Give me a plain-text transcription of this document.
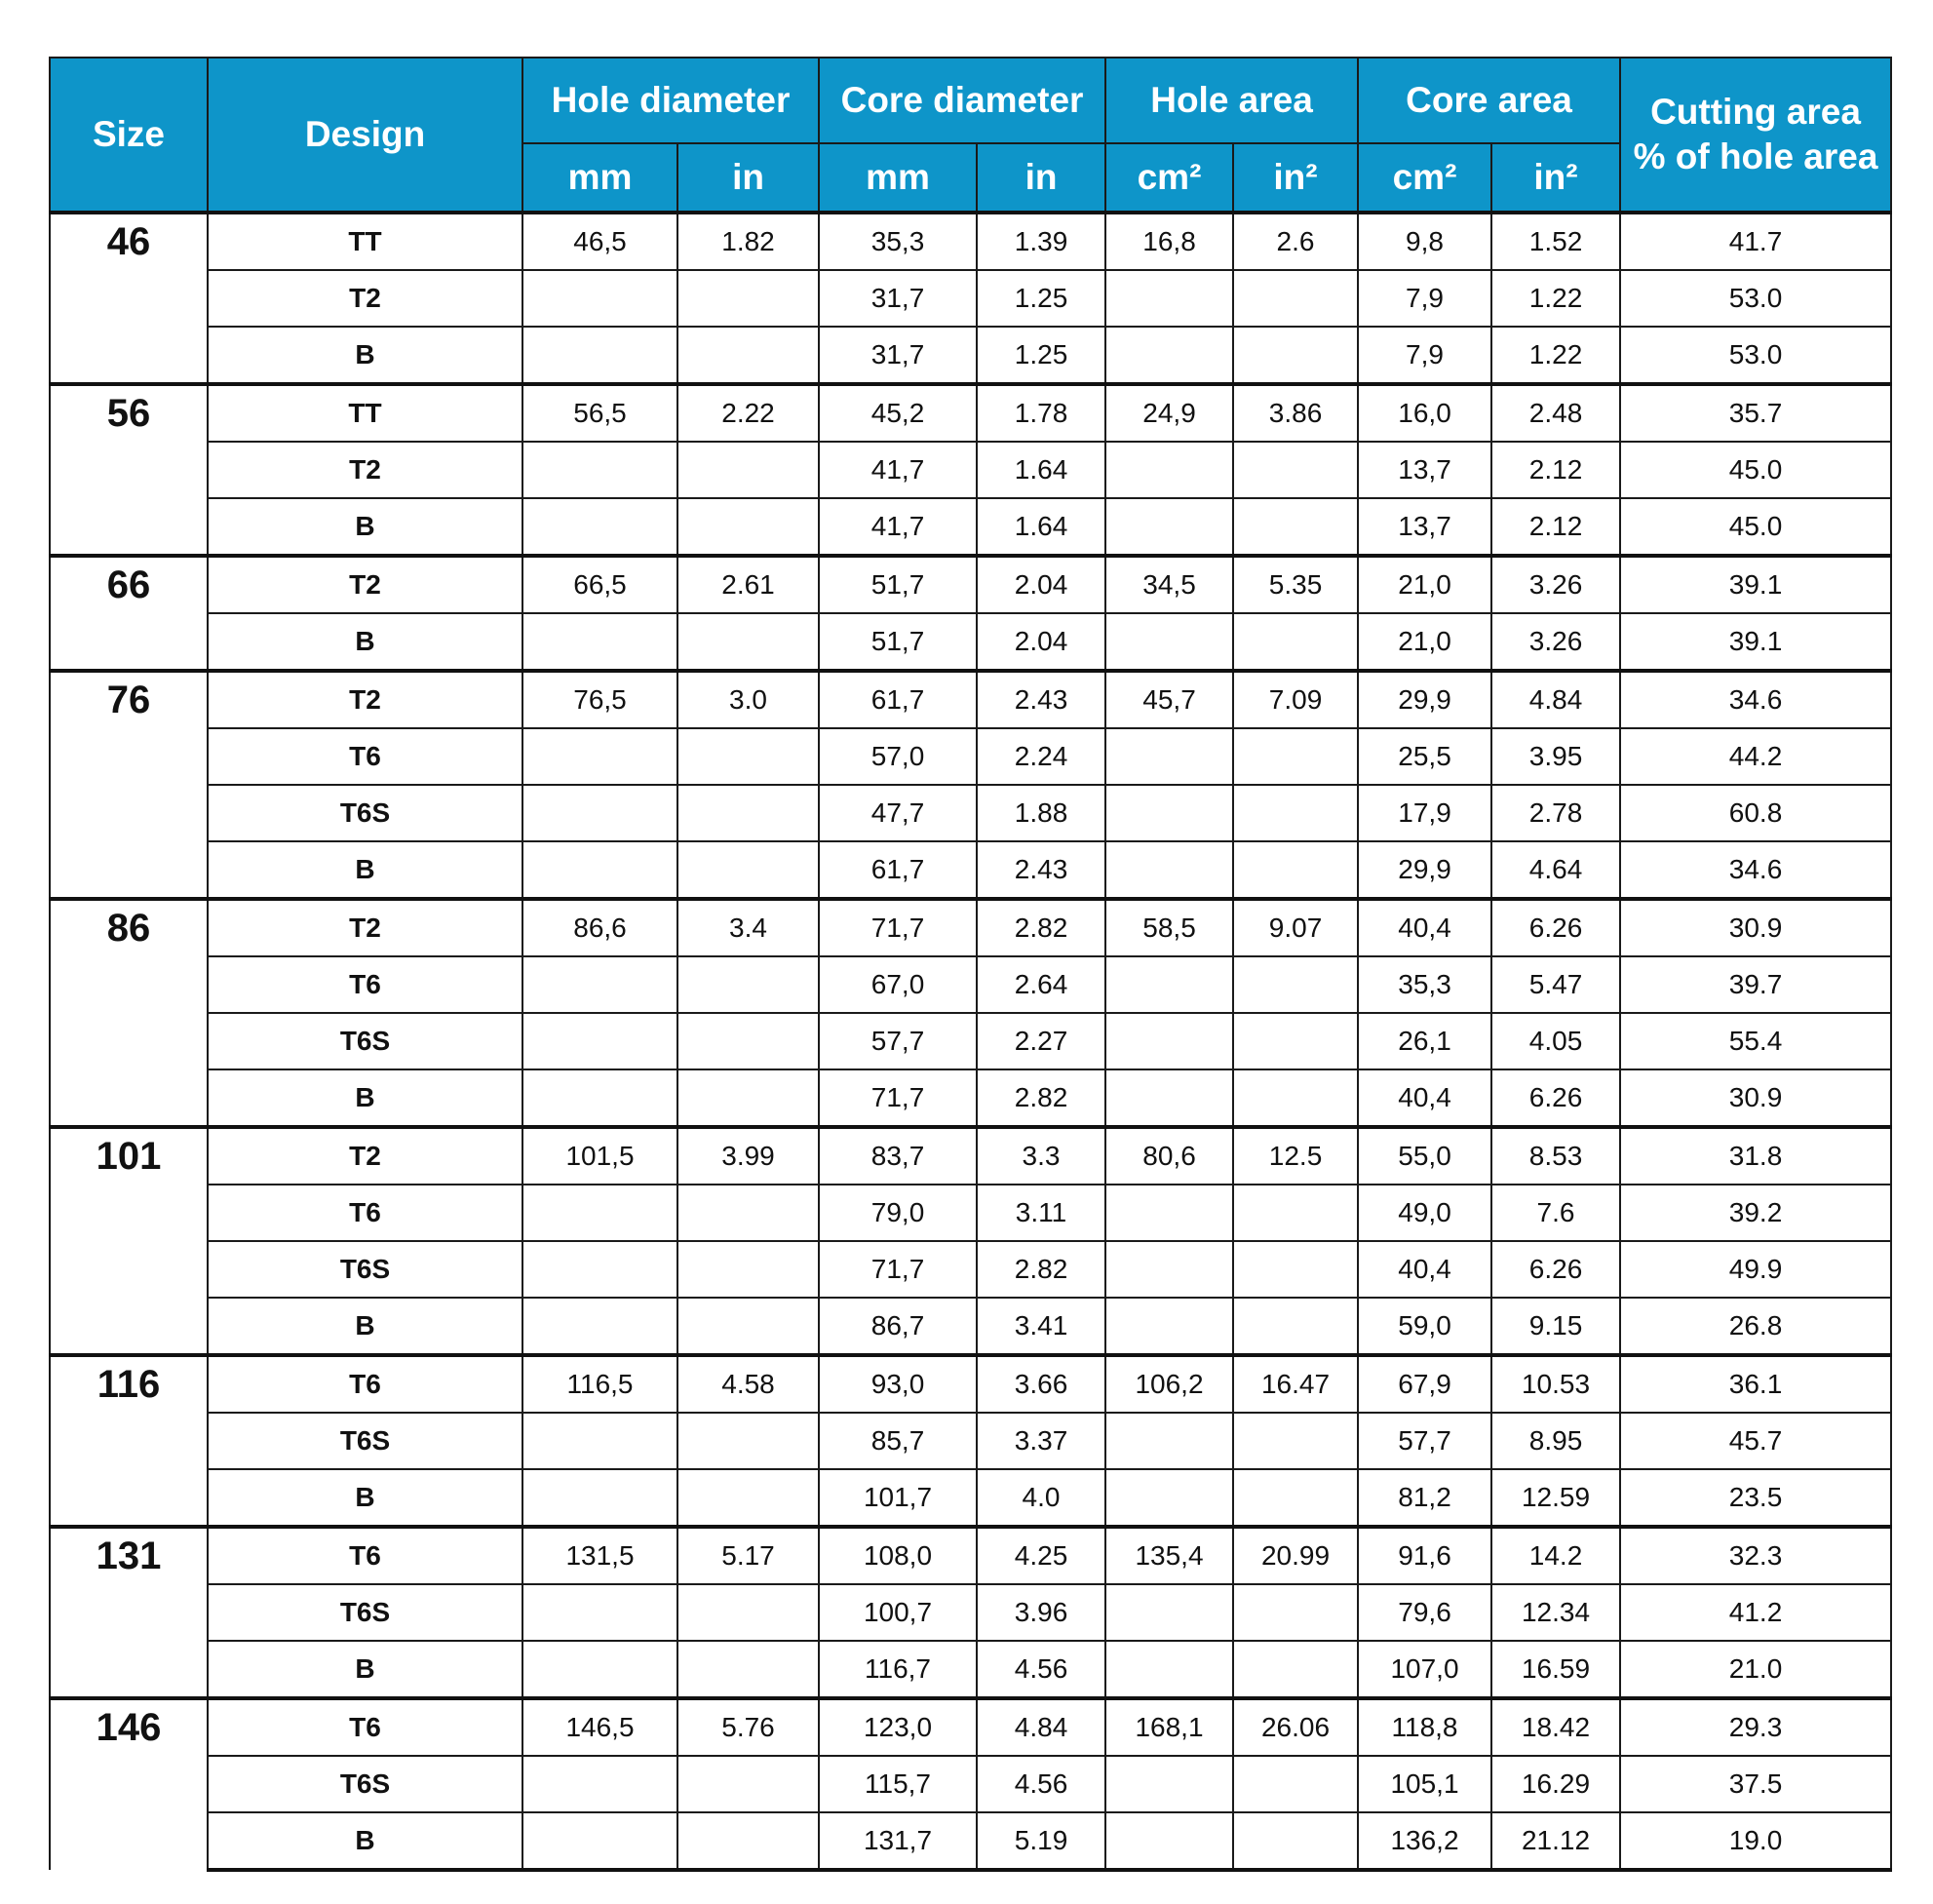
Size	Design	Hole diameter		Core diameter		Hole area		Core area		Cutting area
% of hole area

		mm	in	mm	in	cm²	in²	cm²	in²	
46	TT	46,5	1.82	35,3	1.39	16,8	2.6	9,8	1.52	41.7
	T2			31,7	1.25			7,9	1.22	53.0
	B			31,7	1.25			7,9	1.22	53.0
56	TT	56,5	2.22	45,2	1.78	24,9	3.86	16,0	2.48	35.7
	T2			41,7	1.64			13,7	2.12	45.0
	B			41,7	1.64			13,7	2.12	45.0
66	T2	66,5	2.61	51,7	2.04	34,5	5.35	21,0	3.26	39.1
	B			51,7	2.04			21,0	3.26	39.1
76	T2	76,5	3.0	61,7	2.43	45,7	7.09	29,9	4.84	34.6
	T6			57,0	2.24			25,5	3.95	44.2
	T6S			47,7	1.88			17,9	2.78	60.8
	B			61,7	2.43			29,9	4.64	34.6
86	T2	86,6	3.4	71,7	2.82	58,5	9.07	40,4	6.26	30.9
	T6			67,0	2.64			35,3	5.47	39.7
	T6S			57,7	2.27			26,1	4.05	55.4
	B			71,7	2.82			40,4	6.26	30.9
101	T2	101,5	3.99	83,7	3.3	80,6	12.5	55,0	8.53	31.8
	T6			79,0	3.11			49,0	7.6	39.2
	T6S			71,7	2.82			40,4	6.26	49.9
	B			86,7	3.41			59,0	9.15	26.8
116	T6	116,5	4.58	93,0	3.66	106,2	16.47	67,9	10.53	36.1
	T6S			85,7	3.37			57,7	8.95	45.7
	B			101,7	4.0			81,2	12.59	23.5
131	T6	131,5	5.17	108,0	4.25	135,4	20.99	91,6	14.2	32.3
	T6S			100,7	3.96			79,6	12.34	41.2
	B			116,7	4.56			107,0	16.59	21.0
146	T6	146,5	5.76	123,0	4.84	168,1	26.06	118,8	18.42	29.3
	T6S			115,7	4.56			105,1	16.29	37.5
	B			131,7	5.19			136,2	21.12	19.0
